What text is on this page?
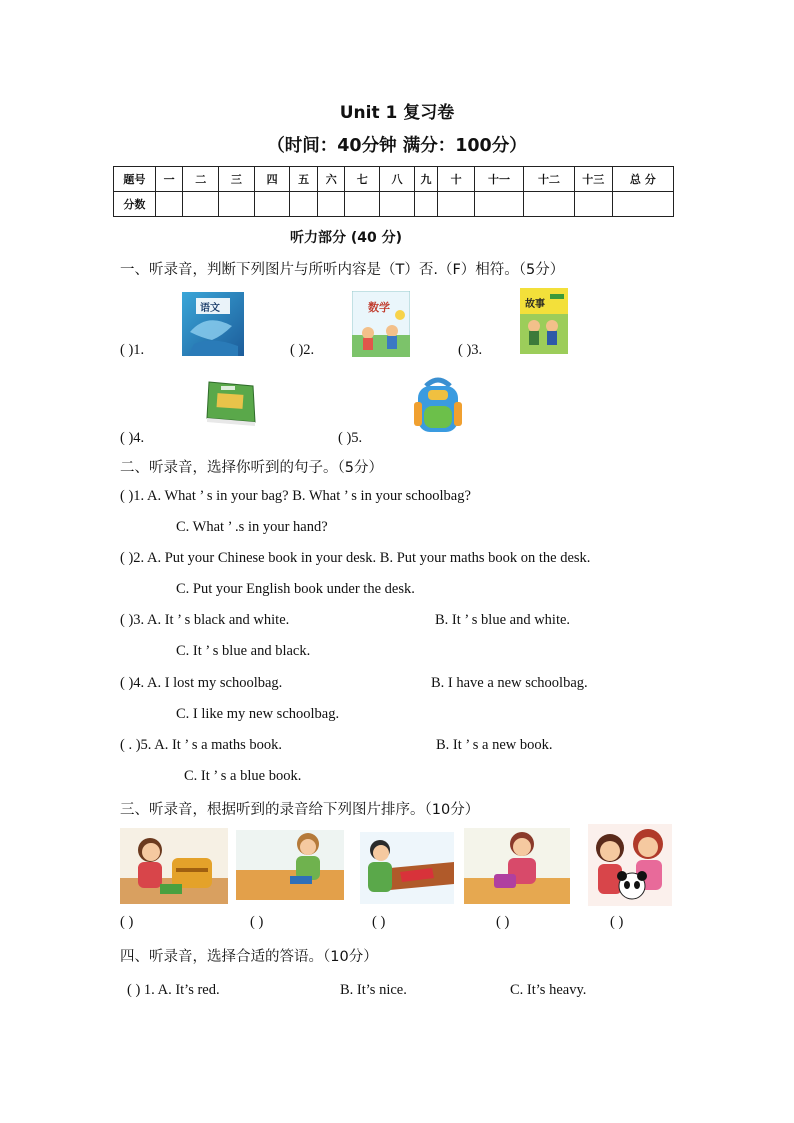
Unit 1 复习卷
（时间：40分钟 满分：100分）
题号	一	二	三	四	五	六	七	八	九	十	十一	十二	十三	总 分
分数														
听力部分 (40 分)
一、听录音，判断下列图片与所听内容是（T）否.（F）相符。（5分）
( )1.
语文
( )2.
数学
( )3.
故事
( )4.	( )5.
二、听录音，选择你听到的句子。（5分）
( )1. A. What ’ s in your bag? B. What ’ s in your schoolbag?
C. What ’ .s in your hand?
( )2. A. Put your Chinese book in your desk. B. Put your maths book on the desk.
C. Put your English book under the desk.
( )3. A. It ’ s black and white.	B. It ’ s blue and white.
C. It ’ s blue and black.
( )4. A. I lost my schoolbag.	B. I have a new schoolbag.
C. I like my new schoolbag.
( . )5. A. It ’ s a maths book.	B. It ’ s a new book.
C. It ’ s a blue book.
三、听录音，根据听到的录音给下列图片排序。（10分）
( )	( )	( )	( )	( )
四、听录音，选择合适的答语。（10分）
( ) 1. A. It’s red.	B. It’s nice.	C. It’s heavy.
